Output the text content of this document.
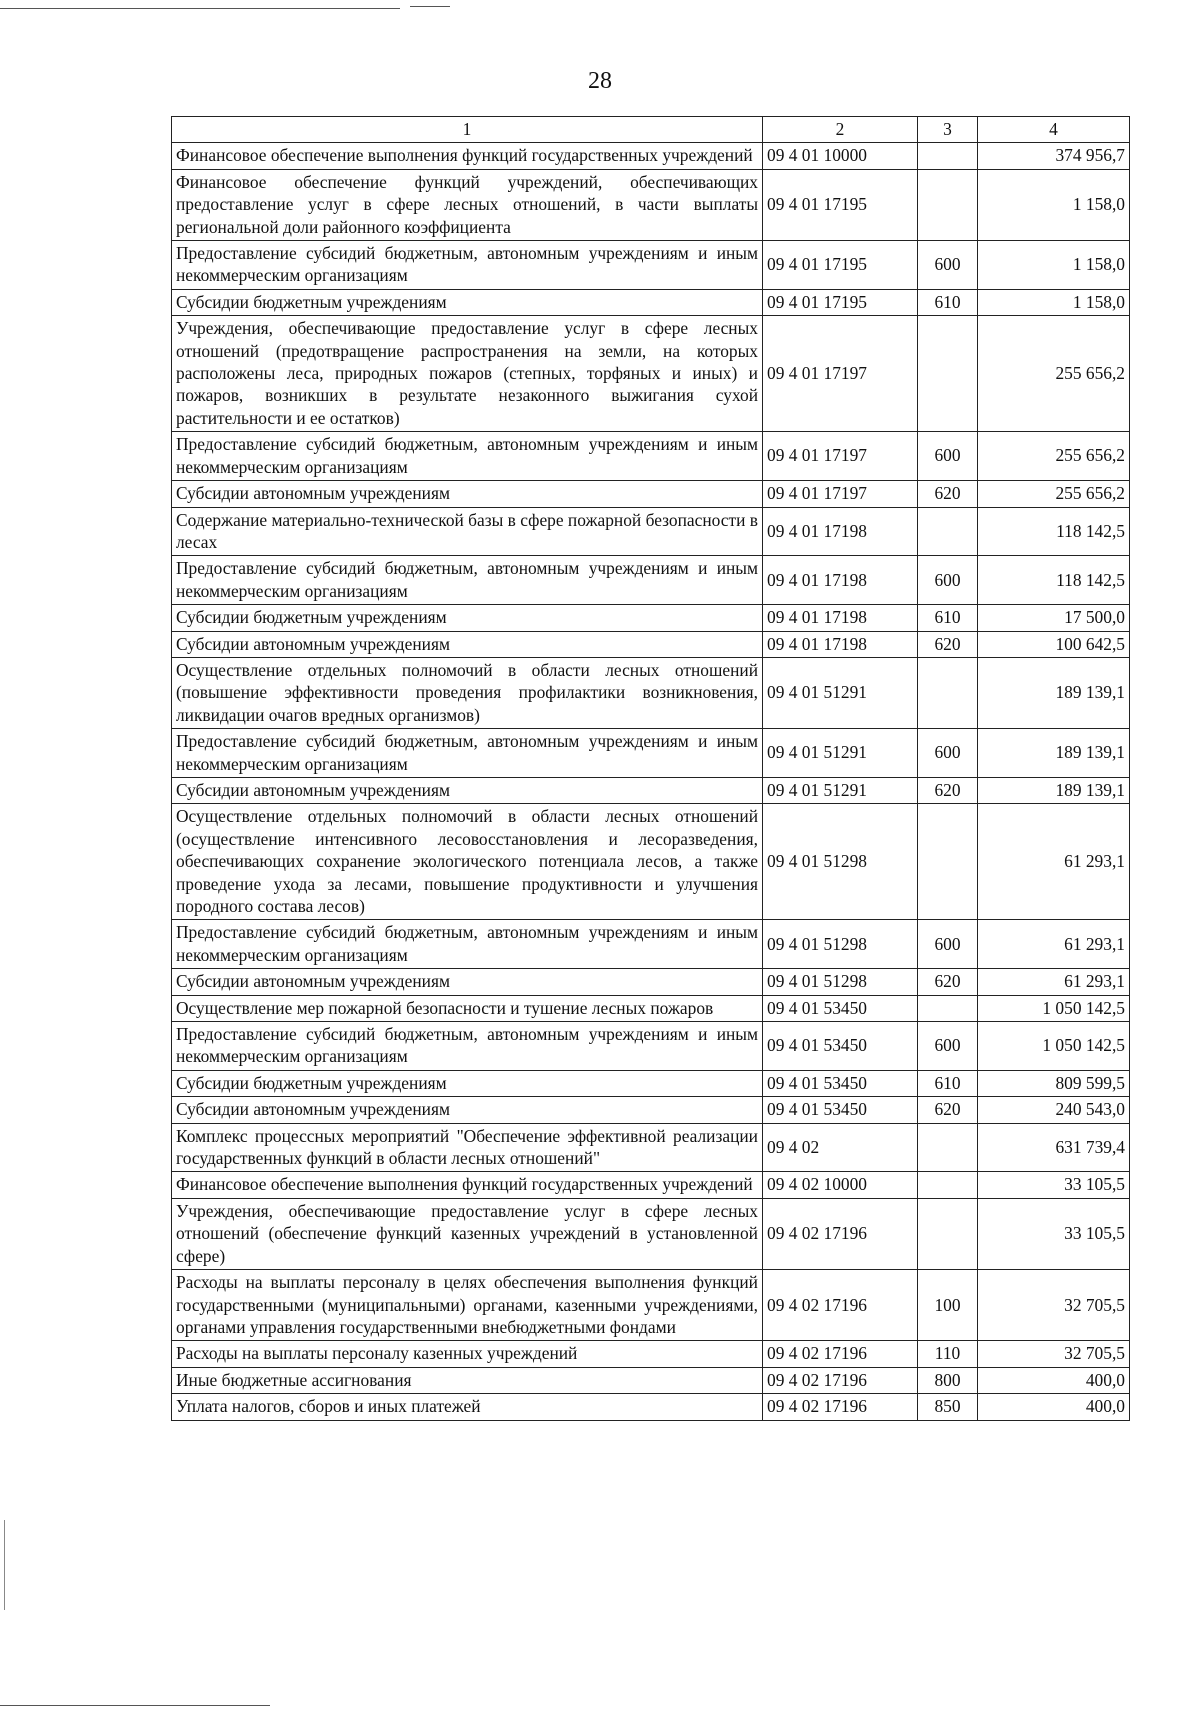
28
1	2	3	4
Финансовое обеспечение выполнения функций государственных учреждений	09 4 01 10000		374 956,7
Финансовое обеспечение функций учреждений, обеспечивающих предоставление услуг в сфере лесных отношений, в части выплаты региональной доли районного коэффициента	09 4 01 17195		1 158,0
Предоставление субсидий бюджетным, автономным учреждениям и иным некоммерческим организациям	09 4 01 17195	600	1 158,0
Субсидии бюджетным учреждениям	09 4 01 17195	610	1 158,0
Учреждения, обеспечивающие предоставление услуг в сфере лесных отношений (предотвращение распространения на земли, на которых расположены леса, природных пожаров (степных, торфяных и иных) и пожаров, возникших в результате незаконного выжигания сухой растительности и ее остатков)	09 4 01 17197		255 656,2
Предоставление субсидий бюджетным, автономным учреждениям и иным некоммерческим организациям	09 4 01 17197	600	255 656,2
Субсидии автономным учреждениям	09 4 01 17197	620	255 656,2
Содержание материально-технической базы в сфере пожарной безопасности в лесах	09 4 01 17198		118 142,5
Предоставление субсидий бюджетным, автономным учреждениям и иным некоммерческим организациям	09 4 01 17198	600	118 142,5
Субсидии бюджетным учреждениям	09 4 01 17198	610	17 500,0
Субсидии автономным учреждениям	09 4 01 17198	620	100 642,5
Осуществление отдельных полномочий в области лесных отношений (повышение эффективности проведения профилактики возникновения, ликвидации очагов вредных организмов)	09 4 01 51291		189 139,1
Предоставление субсидий бюджетным, автономным учреждениям и иным некоммерческим организациям	09 4 01 51291	600	189 139,1
Субсидии автономным учреждениям	09 4 01 51291	620	189 139,1
Осуществление отдельных полномочий в области лесных отношений (осуществление интенсивного лесовосстановления и лесоразведения, обеспечивающих сохранение экологического потенциала лесов, а также проведение ухода за лесами, повышение продуктивности и улучшения породного состава лесов)	09 4 01 51298		61 293,1
Предоставление субсидий бюджетным, автономным учреждениям и иным некоммерческим организациям	09 4 01 51298	600	61 293,1
Субсидии автономным учреждениям	09 4 01 51298	620	61 293,1
Осуществление мер пожарной безопасности и тушение лесных пожаров	09 4 01 53450		1 050 142,5
Предоставление субсидий бюджетным, автономным учреждениям и иным некоммерческим организациям	09 4 01 53450	600	1 050 142,5
Субсидии бюджетным учреждениям	09 4 01 53450	610	809 599,5
Субсидии автономным учреждениям	09 4 01 53450	620	240 543,0
Комплекс процессных мероприятий "Обеспечение эффективной реализации государственных функций в области лесных отношений"	09 4 02		631 739,4
Финансовое обеспечение выполнения функций государственных учреждений	09 4 02 10000		33 105,5
Учреждения, обеспечивающие предоставление услуг в сфере лесных отношений (обеспечение функций казенных учреждений в установленной сфере)	09 4 02 17196		33 105,5
Расходы на выплаты персоналу в целях обеспечения выполнения функций государственными (муниципальными) органами, казенными учреждениями, органами управления государственными внебюджетными фондами	09 4 02 17196	100	32 705,5
Расходы на выплаты персоналу казенных учреждений	09 4 02 17196	110	32 705,5
Иные бюджетные ассигнования	09 4 02 17196	800	400,0
Уплата налогов, сборов и иных платежей	09 4 02 17196	850	400,0
